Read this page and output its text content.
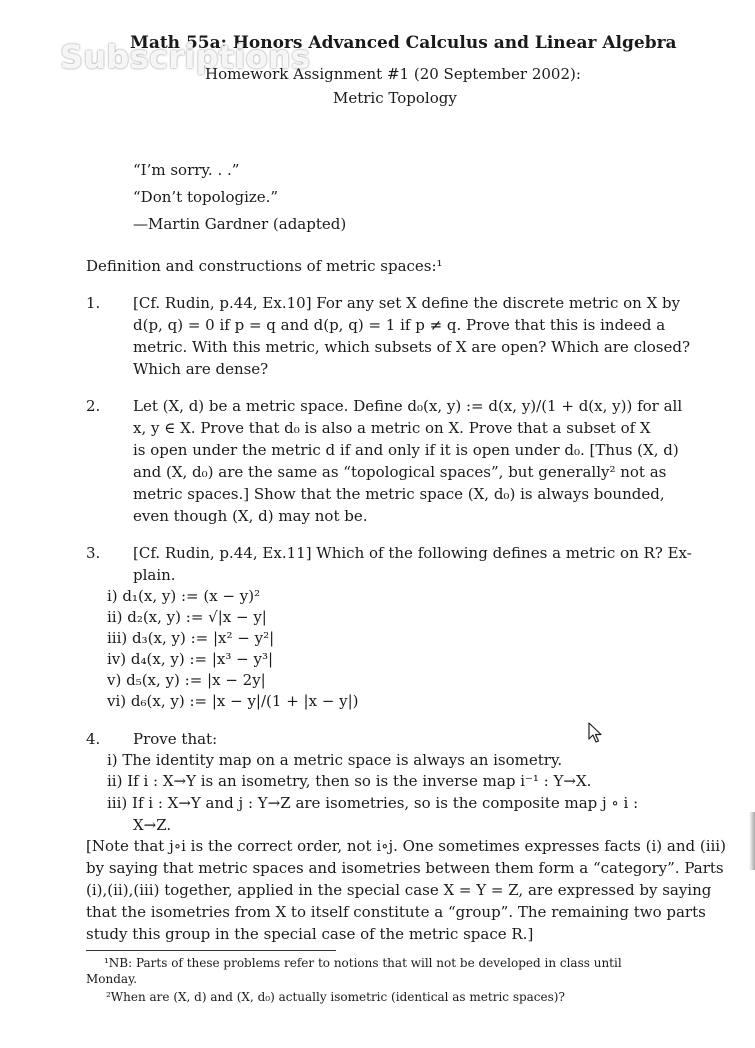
Subscriptions
Math 55a: Honors Advanced Calculus and Linear Algebra
Homework Assignment #1 (20 September 2002):
Metric Topology
“I’m sorry. . .”
“Don’t topologize.”
—Martin Gardner (adapted)
Definition and constructions of metric spaces:¹
1. [Cf. Rudin, p.44, Ex.10] For any set X define the discrete metric on X by
d(p, q) = 0 if p = q and d(p, q) = 1 if p ≠ q. Prove that this is indeed a
metric. With this metric, which subsets of X are open? Which are closed?
Which are dense?
2. Let (X, d) be a metric space. Define d₀(x, y) := d(x, y)/(1 + d(x, y)) for all
x, y ∈ X. Prove that d₀ is also a metric on X. Prove that a subset of X
is open under the metric d if and only if it is open under d₀. [Thus (X, d)
and (X, d₀) are the same as “topological spaces”, but generally² not as
metric spaces.] Show that the metric space (X, d₀) is always bounded,
even though (X, d) may not be.
3. [Cf. Rudin, p.44, Ex.11] Which of the following defines a metric on R? Ex-
plain.
i) d₁(x, y) := (x − y)²
ii) d₂(x, y) := √|x − y|
iii) d₃(x, y) := |x² − y²|
iv) d₄(x, y) := |x³ − y³|
v) d₅(x, y) := |x − 2y|
vi) d₆(x, y) := |x − y|/(1 + |x − y|)
4. Prove that:
i) The identity map on a metric space is always an isometry.
ii) If i : X→Y is an isometry, then so is the inverse map i⁻¹ : Y→X.
iii) If i : X→Y and j : Y→Z are isometries, so is the composite map j ∘ i :
X→Z.
[Note that j∘i is the correct order, not i∘j. One sometimes expresses facts (i) and (iii)
by saying that metric spaces and isometries between them form a “category”. Parts
(i),(ii),(iii) together, applied in the special case X = Y = Z, are expressed by saying
that the isometries from X to itself constitute a “group”. The remaining two parts
study this group in the special case of the metric space R.]
¹NB: Parts of these problems refer to notions that will not be developed in class until
Monday.
²When are (X, d) and (X, d₀) actually isometric (identical as metric spaces)?
